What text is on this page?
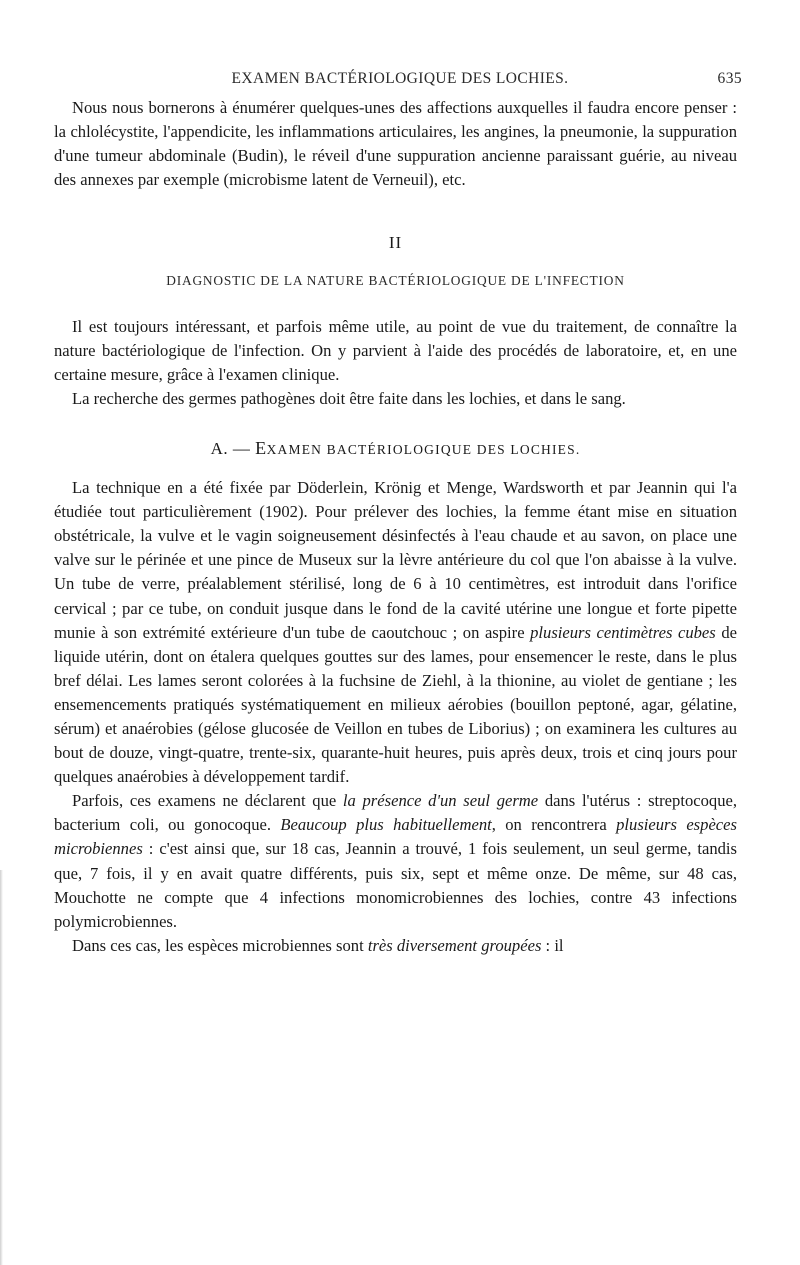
EXAMEN BACTÉRIOLOGIQUE DES LOCHIES.	635

Nous nous bornerons à énumérer quelques-unes des affections auxquelles il faudra encore penser : la chlolécystite, l'appendicite, les inflammations articulaires, les angines, la pneumonie, la suppuration d'une tumeur abdominale (Budin), le réveil d'une suppuration ancienne paraissant guérie, au niveau des annexes par exemple (microbisme latent de Verneuil), etc.

II
DIAGNOSTIC DE LA NATURE BACTÉRIOLOGIQUE DE L'INFECTION

Il est toujours intéressant, et parfois même utile, au point de vue du traitement, de connaître la nature bactériologique de l'infection. On y parvient à l'aide des procédés de laboratoire, et, en une certaine mesure, grâce à l'examen clinique.

La recherche des germes pathogènes doit être faite dans les lochies, et dans le sang.

A. — EXAMEN BACTÉRIOLOGIQUE DES LOCHIES.

La technique en a été fixée par Döderlein, Krönig et Menge, Wardsworth et par Jeannin qui l'a étudiée tout particulièrement (1902). Pour prélever des lochies, la femme étant mise en situation obstétricale, la vulve et le vagin soigneusement désinfectés à l'eau chaude et au savon, on place une valve sur le périnée et une pince de Museux sur la lèvre antérieure du col que l'on abaisse à la vulve. Un tube de verre, préalablement stérilisé, long de 6 à 10 centimètres, est introduit dans l'orifice cervical ; par ce tube, on conduit jusque dans le fond de la cavité utérine une longue et forte pipette munie à son extrémité extérieure d'un tube de caoutchouc ; on aspire plusieurs centimètres cubes de liquide utérin, dont on étalera quelques gouttes sur des lames, pour ensemencer le reste, dans le plus bref délai. Les lames seront colorées à la fuchsine de Ziehl, à la thionine, au violet de gentiane ; les ensemencements pratiqués systématiquement en milieux aérobies (bouillon peptoné, agar, gélatine, sérum) et anaérobies (gélose glucosée de Veillon en tubes de Liborius) ; on examinera les cultures au bout de douze, vingt-quatre, trente-six, quarante-huit heures, puis après deux, trois et cinq jours pour quelques anaérobies à développement tardif.

Parfois, ces examens ne déclarent que la présence d'un seul germe dans l'utérus : streptocoque, bacterium coli, ou gonocoque. Beaucoup plus habituellement, on rencontrera plusieurs espèces microbiennes : c'est ainsi que, sur 18 cas, Jeannin a trouvé, 1 fois seulement, un seul germe, tandis que, 7 fois, il y en avait quatre différents, puis six, sept et même onze. De même, sur 48 cas, Mouchotte ne compte que 4 infections monomicrobiennes des lochies, contre 43 infections polymicrobiennes.

Dans ces cas, les espèces microbiennes sont très diversement groupées : il
